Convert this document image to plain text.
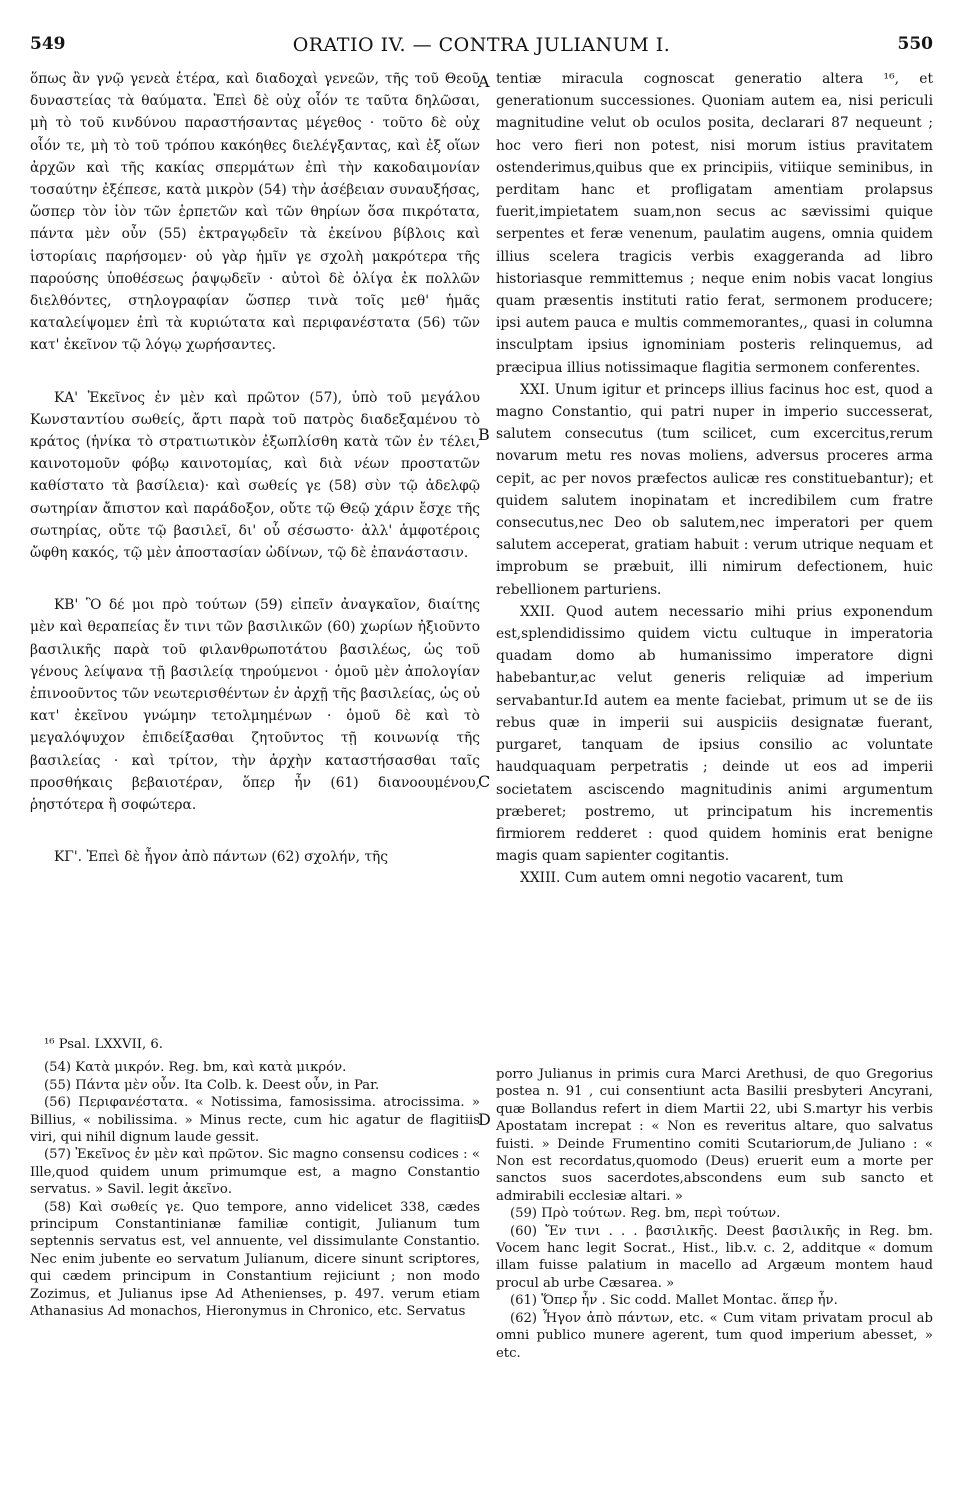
549	ORATIO IV. — CONTRA JULIANUM I.	550
A
B
C
D

ὅπως ἂν γνῷ γενεὰ ἑτέρα, καὶ διαδοχαὶ γενεῶν, τῆς τοῦ Θεοῦ δυναστείας τὰ θαύματα. Ἐπεὶ δὲ οὐχ οἷόν τε ταῦτα δηλῶσαι, μὴ τὸ τοῦ κινδύνου παραστήσαντας μέγεθος · τοῦτο δὲ οὐχ οἷόν τε, μὴ τὸ τοῦ τρόπου κακόηθες διελέγξαντας, καὶ ἐξ οἵων ἀρχῶν καὶ τῆς κακίας σπερμάτων ἐπὶ τὴν κακοδαιμονίαν τοσαύτην ἐξέπεσε, κατὰ μικρὸν (54) τὴν ἀσέβειαν συναυξήσας, ὥσπερ τὸν ἰὸν τῶν ἑρπετῶν καὶ τῶν θηρίων ὅσα πικρότατα, πάντα μὲν οὖν (55) ἐκτραγῳδεῖν τὰ ἐκείνου βίβλοις καὶ ἱστορίαις παρήσομεν· οὐ γὰρ ἡμῖν γε σχολὴ μακρότερα τῆς παρούσης ὑποθέσεως ῥαψῳδεῖν · αὐτοὶ δὲ ὀλίγα ἐκ πολλῶν διελθόντες, στηλογραφίαν ὥσπερ τινὰ τοῖς μεθ' ἡμᾶς καταλείψομεν ἐπὶ τὰ κυριώτατα καὶ περιφανέστατα (56) τῶν κατ' ἐκεῖνον τῷ λόγῳ χωρήσαντες.

ΚΑ' Ἐκεῖνος ἐν μὲν καὶ πρῶτον (57), ὑπὸ τοῦ μεγάλου Κωνσταντίου σωθείς, ἄρτι παρὰ τοῦ πατρὸς διαδεξαμένου τὸ κράτος (ἡνίκα τὸ στρατιωτικὸν ἐξωπλίσθη κατὰ τῶν ἐν τέλει, καινοτομοῦν φόβῳ καινοτομίας, καὶ διὰ νέων προστατῶν καθίστατο τὰ βασίλεια)· καὶ σωθείς γε (58) σὺν τῷ ἀδελφῷ σωτηρίαν ἄπιστον καὶ παράδοξον, οὔτε τῷ Θεῷ χάριν ἔσχε τῆς σωτηρίας, οὔτε τῷ βασιλεῖ, δι' οὗ σέσωστο· ἀλλ' ἀμφοτέροις ὤφθη κακός, τῷ μὲν ἀποστασίαν ὠδίνων, τῷ δὲ ἐπανάστασιν.

ΚΒ' Ὃ δέ μοι πρὸ τούτων (59) εἰπεῖν ἀναγκαῖον, διαίτης μὲν καὶ θεραπείας ἔν τινι τῶν βασιλικῶν (60) χωρίων ἠξιοῦντο βασιλικῆς παρὰ τοῦ φιλανθρωποτάτου βασιλέως, ὡς τοῦ γένους λείψανα τῇ βασιλείᾳ τηρούμενοι · ὁμοῦ μὲν ἀπολογίαν ἐπινοοῦντος τῶν νεωτερισθέντων ἐν ἀρχῇ τῆς βασιλείας, ὡς οὐ κατ' ἐκεῖνου γνώμην τετολμημένων · ὁμοῦ δὲ καὶ τὸ μεγαλόψυχον ἐπιδείξασθαι ζητοῦντος τῇ κοινωνίᾳ τῆς βασιλείας · καὶ τρίτον, τὴν ἀρχὴν καταστήσασθαι ταῖς προσθήκαις βεβαιοτέραν, ὅπερ ἦν (61) διανοουμένου, ῥηστότερα ἢ σοφώτερα.

ΚΓ'. Ἐπεὶ δὲ ἦγον ἀπὸ πάντων (62) σχολήν, τῆς

tentiæ miracula cognoscat generatio altera ¹⁶, et generationum successiones. Quoniam autem ea, nisi periculi magnitudine velut ob oculos posita, declarari 87 nequeunt ; hoc vero fieri non potest, nisi morum istius pravitatem ostenderimus,quibus que ex principiis, vitiique seminibus, in perditam hanc et profligatam amentiam prolapsus fuerit,impietatem suam,non secus ac sævissimi quique serpentes et feræ venenum, paulatim augens, omnia quidem illius scelera tragicis verbis exaggeranda ad libro historiasque remmittemus ; neque enim nobis vacat longius quam præsentis instituti ratio ferat, sermonem producere; ipsi autem pauca e multis commemorantes,, quasi in columna insculptam ipsius ignominiam posteris relinquemus, ad præcipua illius notissimaque flagitia sermonem conferentes.

XXI. Unum igitur et princeps illius facinus hoc est, quod a magno Constantio, qui patri nuper in imperio successerat, salutem consecutus (tum scilicet, cum excercitus,rerum novarum metu res novas moliens, adversus proceres arma cepit, ac per novos præfectos aulicæ res constituebantur); et quidem salutem inopinatam et incredibilem cum fratre consecutus,nec Deo ob salutem,nec imperatori per quem salutem acceperat, gratiam habuit : verum utrique nequam et improbum se præbuit, illi nimirum defectionem, huic rebellionem parturiens.

XXII. Quod autem necessario mihi prius exponendum est,splendidissimo quidem victu cultuque in imperatoria quadam domo ab humanissimo imperatore digni habebantur,ac velut generis reliquiæ ad imperium servabantur.Id autem ea mente faciebat, primum ut se de iis rebus quæ in imperii sui auspiciis designatæ fuerant, purgaret, tanquam de ipsius consilio ac voluntate haudquaquam perpetratis ; deinde ut eos ad imperii societatem asciscendo magnitudinis animi argumentum præberet; postremo, ut principatum his incrementis firmiorem redderet : quod quidem hominis erat benigne magis quam sapienter cogitantis.

XXIII. Cum autem omni negotio vacarent, tum

¹⁶ Psal. LXXVII, 6.

(54) Κατὰ μικρόν. Reg. bm, καὶ κατὰ μικρόν.

(55) Πάντα μὲν οὖν. Ita Colb. k. Deest οὖν, in Par.

(56) Περιφανέστατα. « Notissima, famosissima. atrocissima. » Billius, « nobilissima. » Minus recte, cum hic agatur de flagitiis viri, qui nihil dignum laude gessit.

(57) Ἐκεῖνος ἐν μὲν καὶ πρῶτον. Sic magno consensu codices : « Ille,quod quidem unum primumque est, a magno Constantio servatus. » Savil. legit ἀκεῖνο.

(58) Καὶ σωθείς γε. Quo tempore, anno videlicet 338, cædes principum Constantinianæ familiæ contigit, Julianum tum septennis servatus est, vel annuente, vel dissimulante Constantio. Nec enim jubente eo servatum Julianum, dicere sinunt scriptores, qui cædem principum in Constantium rejiciunt ; non modo Zozimus, et Julianus ipse Ad Athenienses, p. 497. verum etiam Athanasius Ad monachos, Hieronymus in Chronico, etc. Servatus

porro Julianus in primis cura Marci Arethusi, de quo Gregorius postea n. 91 , cui consentiunt acta Basilii presbyteri Ancyrani, quæ Bollandus refert in diem Martii 22, ubi S.martyr his verbis Apostatam increpat : « Non es reveritus altare, quo salvatus fuisti. » Deinde Frumentino comiti Scutariorum,de Juliano : « Non est recordatus,quomodo (Deus) eruerit eum a morte per sanctos suos sacerdotes,abscondens eum sub sancto et admirabili ecclesiæ altari. »

(59) Πρὸ τούτων. Reg. bm, περὶ τούτων.

(60) Ἔν τινι . . . βασιλικῆς. Deest βασιλικῆς in Reg. bm. Vocem hanc legit Socrat., Hist., lib.v. c. 2, additque « domum illam fuisse palatium in macello ad Argæum montem haud procul ab urbe Cæsarea. »

(61) Ὅπερ ἦν . Sic codd. Mallet Montac. ἅπερ ἦν.

(62) Ἦγον ἀπὸ πάντων, etc. « Cum vitam privatam procul ab omni publico munere agerent, tum quod imperium abesset, » etc.
